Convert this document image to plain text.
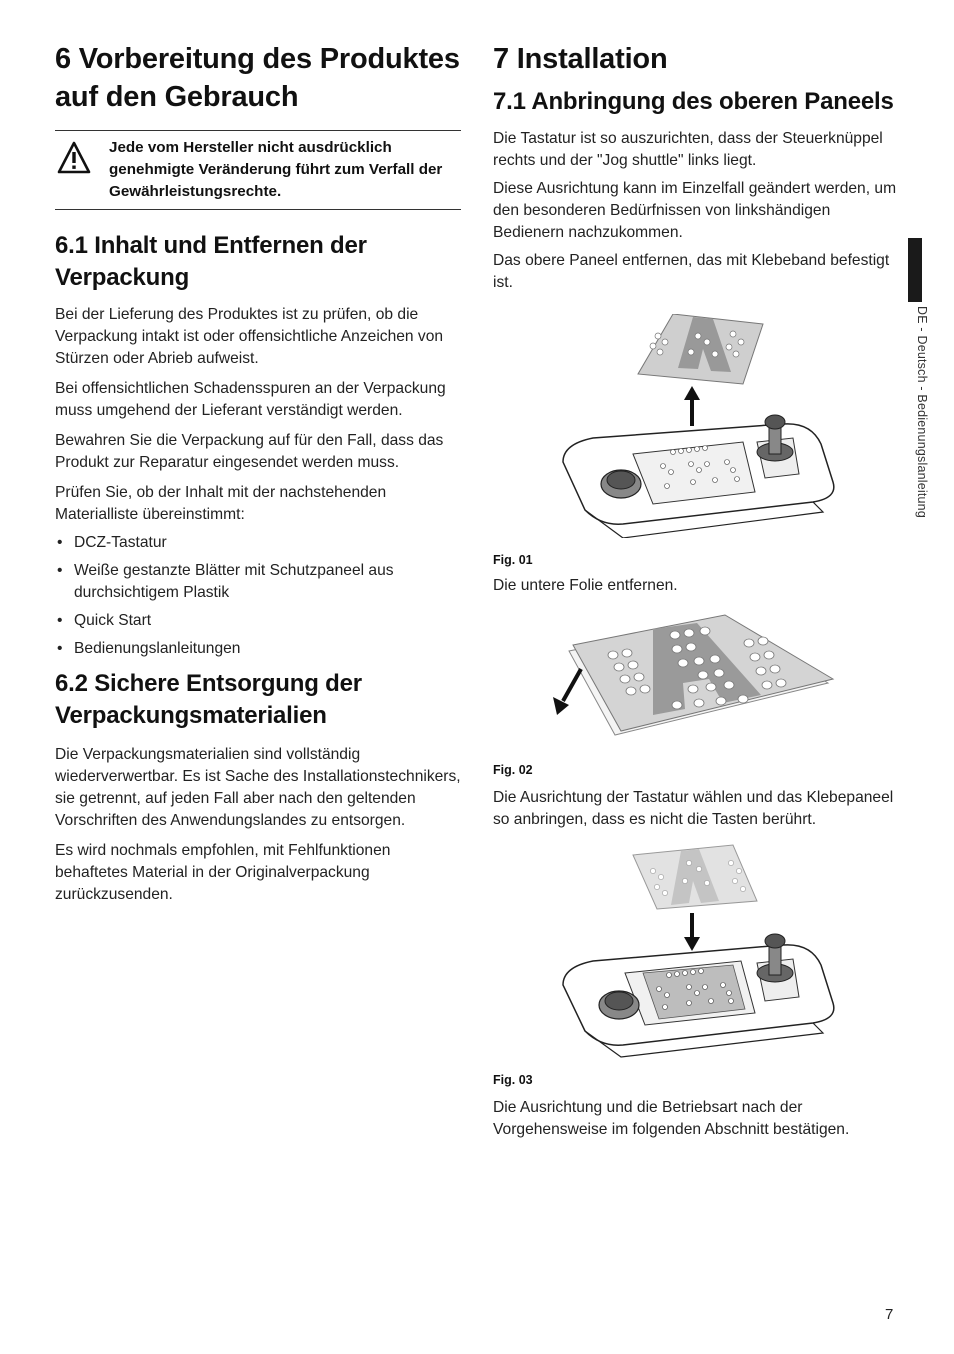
6 Vorbereitung des Produktes auf den Gebrauch
Jede vom Hersteller nicht ausdrücklich genehmigte Veränderung führt zum Verfall der Gewährleistungsrechte.
6.1 Inhalt und Entfernen der Verpackung

Bei der Lieferung des Produktes ist zu prüfen, ob die Verpackung intakt ist oder offensichtliche Anzeichen von Stürzen oder Abrieb aufweist.

Bei offensichtlichen Schadensspuren an der Verpackung muss umgehend der Lieferant verständigt werden.

Bewahren Sie die Verpackung auf für den Fall, dass das Produkt zur Reparatur eingesendet werden muss.

Prüfen Sie, ob der Inhalt mit der nachstehenden Materialliste übereinstimmt:

• DCZ-Tastatur
• Weiße gestanzte Blätter mit Schutzpaneel aus durchsichtigem Plastik
• Quick Start
• Bedienungslanleitungen
6.2 Sichere Entsorgung der Verpackungsmaterialien

Die Verpackungsmaterialien sind vollständig wiederverwertbar. Es ist Sache des Installationstechnikers, sie getrennt, auf jeden Fall aber nach den geltenden Vorschriften des Anwendungslandes zu entsorgen.

Es wird nochmals empfohlen, mit Fehlfunktionen behaftetes Material in der Originalverpackung zurückzusenden.

7 Installation
7.1 Anbringung des oberen Paneels

Die Tastatur ist so auszurichten, dass der Steuerknüppel rechts und der "Jog shuttle" links liegt.

Diese Ausrichtung kann im Einzelfall geändert werden, um den besonderen Bedürfnissen von linkshändigen Bedienern nachzukommen.

Das obere Paneel entfernen, das mit Klebeband befestigt ist.

Fig. 01

Die untere Folie entfernen.

Fig. 02

Die Ausrichtung der Tastatur wählen und das Klebepaneel so anbringen, dass es nicht die Tasten berührt.

Fig. 03

Die Ausrichtung und die Betriebsart nach der Vorgehensweise im folgenden Abschnitt bestätigen.

DE - Deutsch - Bedienungslanleitung
7
